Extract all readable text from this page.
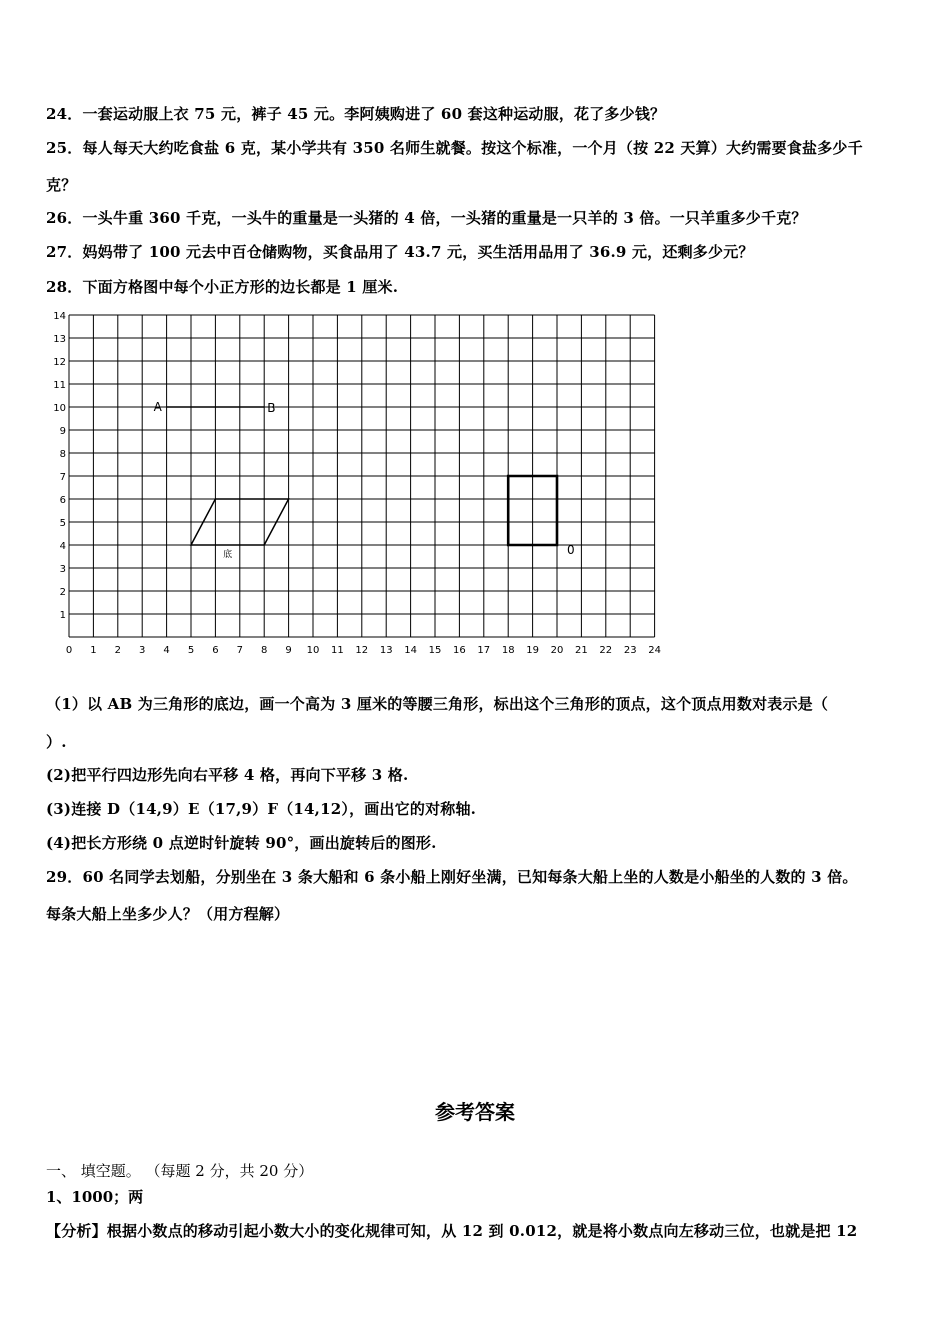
24．一套运动服上衣 75 元，裤子 45 元。李阿姨购进了 60 套这种运动服，花了多少钱？
25．每人每天大约吃食盐 6 克，某小学共有 350 名师生就餐。按这个标准，一个月（按 22 天算）大约需要食盐多少千
克？
26．一头牛重 360 千克，一头牛的重量是一头猪的 4 倍，一头猪的重量是一只羊的 3 倍。一只羊重多少千克？
27．妈妈带了 100 元去中百仓储购物，买食品用了 43.7 元，买生活用品用了 36.9 元，还剩多少元？
28．下面方格图中每个小正方形的边长都是 1 厘米.
0 1 2 3 4 5 6 7 8 9 10 11 12 13 14 15 16 17 18 19 20 21 22 23 24
1
2
3
4
5
6
7
8
9
10
11
12
13
14
A	B
底	0
（1）以 AB 为三角形的底边，画一个高为 3 厘米的等腰三角形，标出这个三角形的顶点，这个顶点用数对表示是（
）.
(2)把平行四边形先向右平移 4 格，再向下平移 3 格.
(3)连接 D（14,9）E（17,9）F（14,12），画出它的对称轴.
(4)把长方形绕 0 点逆时针旋转 90°，画出旋转后的图形.
29．60 名同学去划船，分别坐在 3 条大船和 6 条小船上刚好坐满，已知每条大船上坐的人数是小船坐的人数的 3 倍。
每条大船上坐多少人？（用方程解）
参考答案
一、 填空题。 （每题 2 分，共 20 分）
1、1000；两
【分析】根据小数点的移动引起小数大小的变化规律可知，从 12 到 0.012，就是将小数点向左移动三位，也就是把 12
